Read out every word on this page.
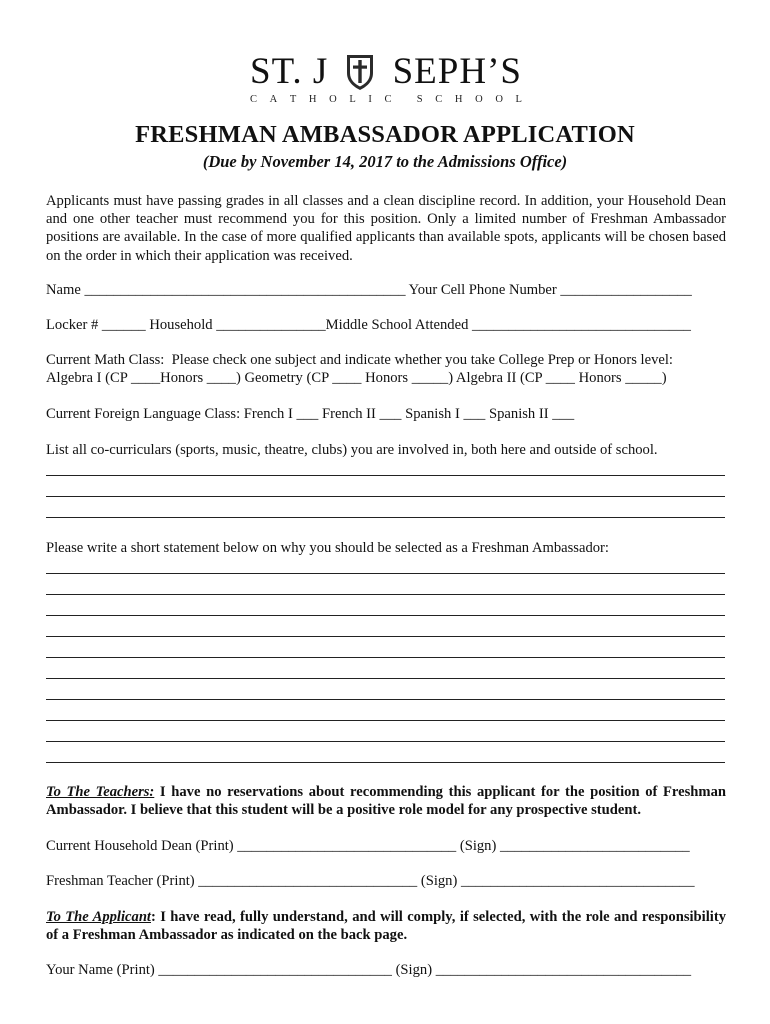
ST. J SEPH’S
C A T H O L I C S C H O O L
FRESHMAN AMBASSADOR APPLICATION
(Due by November 14, 2017 to the Admissions Office)
Applicants must have passing grades in all classes and a clean discipline record. In addition, your Household Dean and one other teacher must recommend you for this position. Only a limited number of Freshman Ambassador positions are available. In the case of more qualified applicants than available spots, applicants will be chosen based on the order in which their application was received.
Name ____________________________________________ Your Cell Phone Number __________________
Locker # ______ Household _______________Middle School Attended ______________________________
Current Math Class:  Please check one subject and indicate whether you take College Prep or Honors level:
Algebra I (CP ____Honors ____) Geometry (CP ____ Honors _____) Algebra II (CP ____ Honors _____)
Current Foreign Language Class: French I ___ French II ___ Spanish I ___ Spanish II ___
List all co-curriculars (sports, music, theatre, clubs) you are involved in, both here and outside of school.
Please write a short statement below on why you should be selected as a Freshman Ambassador:
To The Teachers: I have no reservations about recommending this applicant for the position of Freshman Ambassador. I believe that this student will be a positive role model for any prospective student.
Current Household Dean (Print) ______________________________ (Sign) __________________________
Freshman Teacher (Print) ______________________________ (Sign) ________________________________
To The Applicant: I have read, fully understand, and will comply, if selected, with the role and responsibility of a Freshman Ambassador as indicated on the back page.
Your Name (Print) ________________________________ (Sign) ___________________________________
